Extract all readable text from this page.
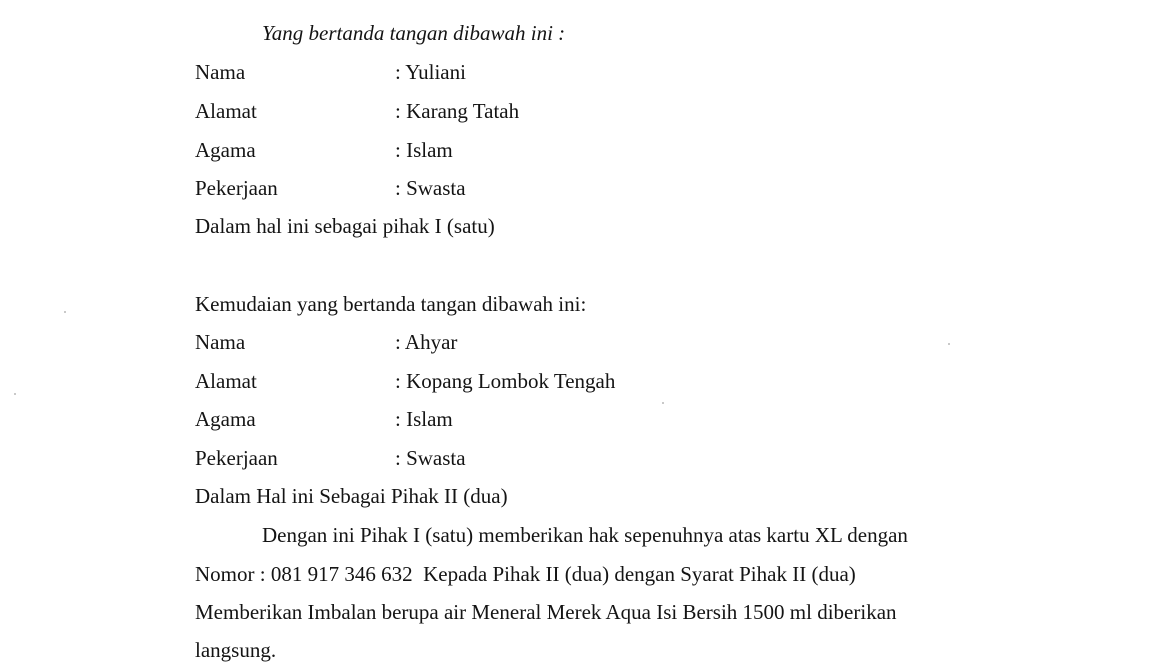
Yang bertanda tangan dibawah ini :
Nama	: Yuliani
Alamat	: Karang Tatah
Agama	: Islam
Pekerjaan	: Swasta
Dalam hal ini sebagai pihak I (satu)
Kemudaian yang bertanda tangan dibawah ini:
Nama	: Ahyar
Alamat	: Kopang Lombok Tengah
Agama	: Islam
Pekerjaan	: Swasta
Dalam Hal ini Sebagai Pihak II (dua)
Dengan ini Pihak I (satu) memberikan hak sepenuhnya atas kartu XL dengan
Nomor : 081 917 346 632  Kepada Pihak II (dua) dengan Syarat Pihak II (dua)
Memberikan Imbalan berupa air Meneral Merek Aqua Isi Bersih 1500 ml diberikan
langsung.
